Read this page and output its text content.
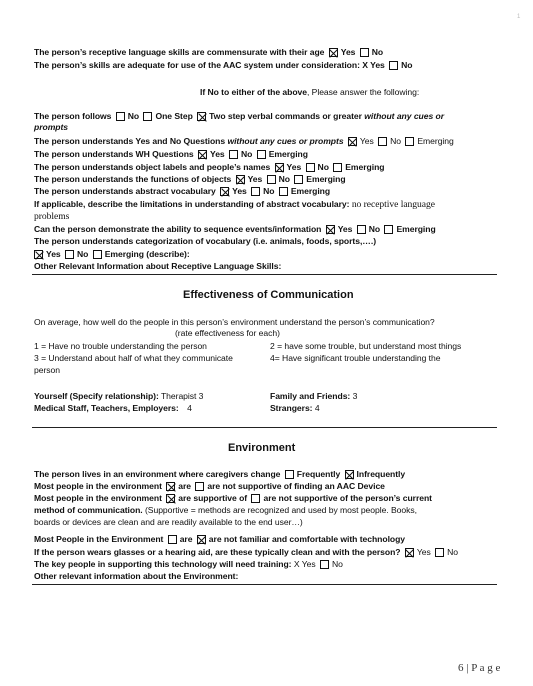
1
The person’s receptive language skills are commensurate with their age Yes No
The person’s skills are adequate for use of the AAC system under consideration: X Yes No
If No to either of the above, Please answer the following:
The person follows No One Step Two step verbal commands or greater without any cues or
prompts
The person understands Yes and No Questions without any cues or prompts Yes No Emerging
The person understands WH Questions Yes No Emerging
The person understands object labels and people’s names Yes No Emerging
The person understands the functions of objects Yes No Emerging
The person understands abstract vocabulary Yes No Emerging
If applicable, describe the limitations in understanding of abstract vocabulary: no receptive language
problems
Can the person demonstrate the ability to sequence events/information Yes No Emerging
The person understands categorization of vocabulary (i.e. animals, foods, sports,….)
Yes No Emerging (describe):
Other Relevant Information about Receptive Language Skills:
Effectiveness of Communication
On average, how well do the people in this person’s environment understand the person’s communication?
(rate effectiveness for each)
1 = Have no trouble understanding the person	2 = have some trouble, but understand most things
3 = Understand about half of what they communicate	4= Have significant trouble understanding the
person
Yourself (Specify relationship): Therapist 3	Family and Friends: 3
Medical Staff, Teachers, Employers: 4	Strangers: 4
Environment
The person lives in an environment where caregivers change Frequently Infrequently
Most people in the environment are are not supportive of finding an AAC Device
Most people in the environment are supportive of are not supportive of the person’s current
method of communication. (Supportive = methods are recognized and used by most people. Books,
boards or devices are clean and are readily available to the end user…)
Most People in the Environment are are not familiar and comfortable with technology
If the person wears glasses or a hearing aid, are these typically clean and with the person? Yes No
The key people in supporting this technology will need training: X Yes No
Other relevant information about the Environment:
6 | P a g e
